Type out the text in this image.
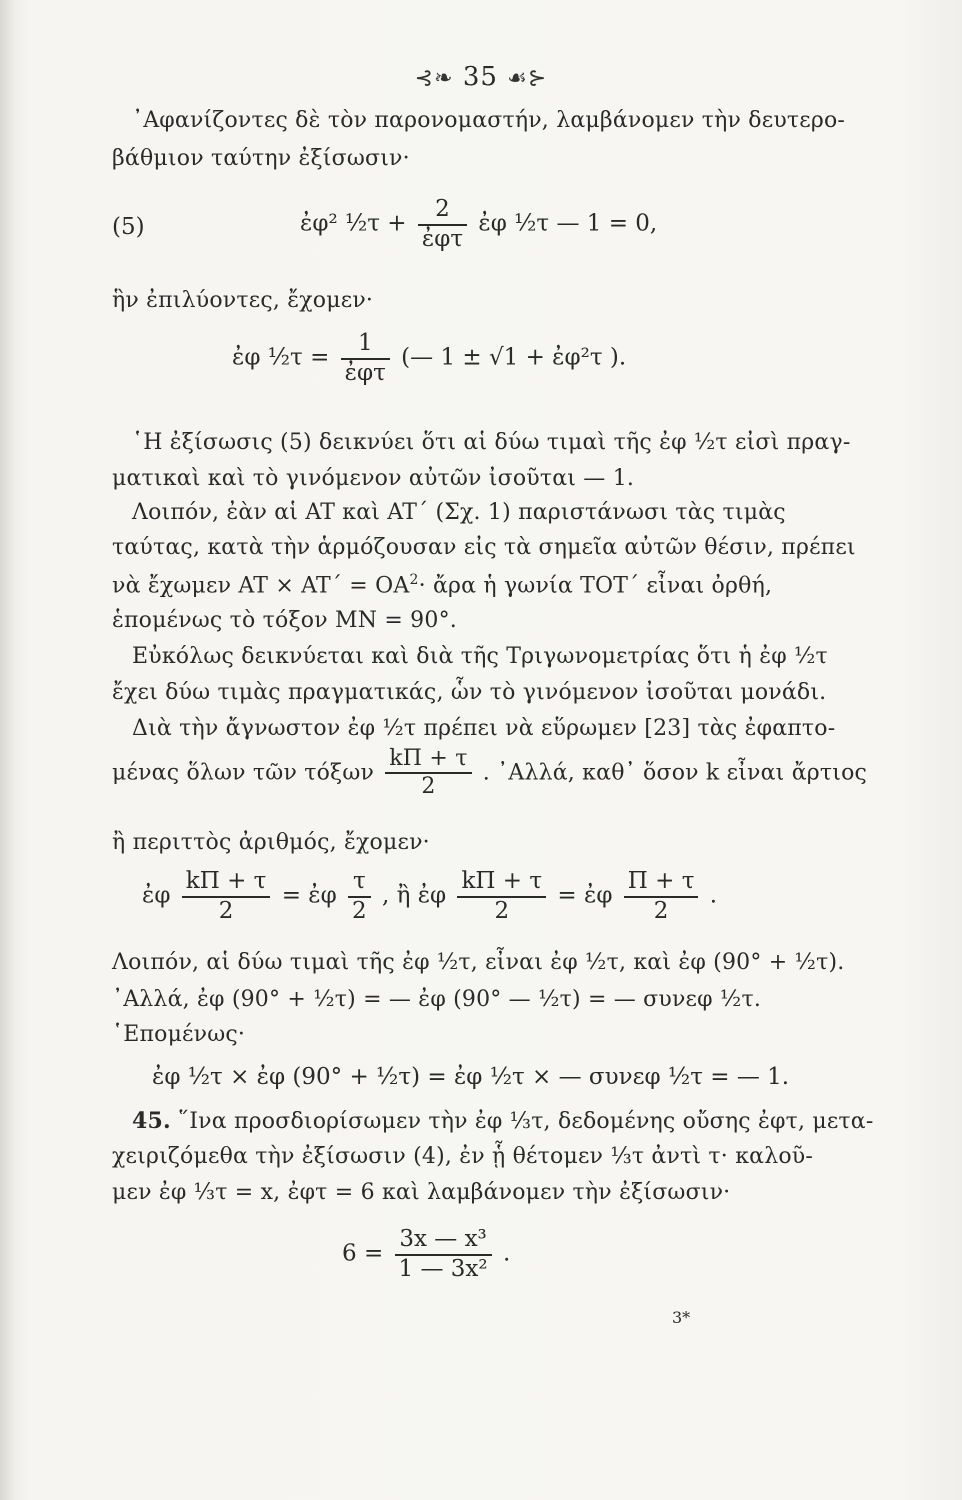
⊰❧ 35 ☙⊱
᾿Αφανίζοντες δὲ τὸν παρονομαστήν, λαμβάνομεν τὴν δευτερο-
βάθμιον ταύτην ἐξίσωσιν·
(5)	ἐφ² ½τ + $\frac{2}{\text{ἐφτ}}$ ἐφ ½τ — 1 = 0,
ἣν ἐπιλύοντες, ἔχομεν·
ἐφ ½τ = $\frac{1}{\text{ἐφτ}}$ (— 1 ± √1 + ἐφ²τ ).
῾Η ἐξίσωσις (5) δεικνύει ὅτι αἱ δύω τιμαὶ τῆς ἐφ ½τ εἰσὶ πραγ-
ματικαὶ καὶ τὸ γινόμενον αὐτῶν ἰσοῦται — 1.
Λοιπόν, ἐὰν αἱ AT καὶ AT΄ (Σχ. 1) παριστάνωσι τὰς τιμὰς
ταύτας, κατὰ τὴν ἁρμόζουσαν εἰς τὰ σημεῖα αὐτῶν θέσιν, πρέπει
νὰ ἔχωμεν AT × $AT΄ = OA^2\cdot$ ἄρα ἡ γωνία TOT΄ εἶναι ὀρθή,
ἑπομένως τὸ τόξον MN = 90°.
Εὐκόλως δεικνύεται καὶ διὰ τῆς Τριγωνομετρίας ὅτι ἡ ἐφ ½τ
ἔχει δύω τιμὰς πραγματικάς, ὧν τὸ γινόμενον ἰσοῦται μονάδι.
Διὰ τὴν ἄγνωστον ἐφ ½τ πρέπει νὰ εὕρωμεν [23] τὰς ἐφαπτο-
μένας ὅλων τῶν τόξων $\frac{k\Pi + \tau}{2}$ . ᾿Αλλά, καθ᾿ ὅσον k εἶναι ἄρτιος
ἢ περιττὸς ἀριθμός, ἔχομεν·
ἐφ $\frac{k\Pi + \tau}{2}$ = ἐφ $\frac{\tau}{2}$ , ἢ ἐφ $\frac{k\Pi + \tau}{2}$ = ἐφ $\frac{\Pi + \tau}{2}$ .
Λοιπόν, αἱ δύω τιμαὶ τῆς ἐφ ½τ, εἶναι ἐφ ½τ, καὶ ἐφ (90° + ½τ).
᾿Αλλά, ἐφ (90° + ½τ) = — ἐφ (90° — ½τ) = — συνεφ ½τ.
῾Επομένως·
ἐφ ½τ × ἐφ (90° + ½τ) = ἐφ ½τ × — συνεφ ½τ = — 1.
45. ῞Ινα προσδιορίσωμεν τὴν ἐφ ⅓τ, δεδομένης οὔσης ἐφτ, μετα-
χειριζόμεθα τὴν ἐξίσωσιν (4), ἐν ᾗ θέτομεν ⅓τ ἀντὶ τ· καλοῦ-
μεν ἐφ ⅓τ = x, ἐφτ = 6 καὶ λαμβάνομεν τὴν ἐξίσωσιν·
$6 = \frac{\text{3x — x³}}{\text{1 — 3x²}}$ .
3*
